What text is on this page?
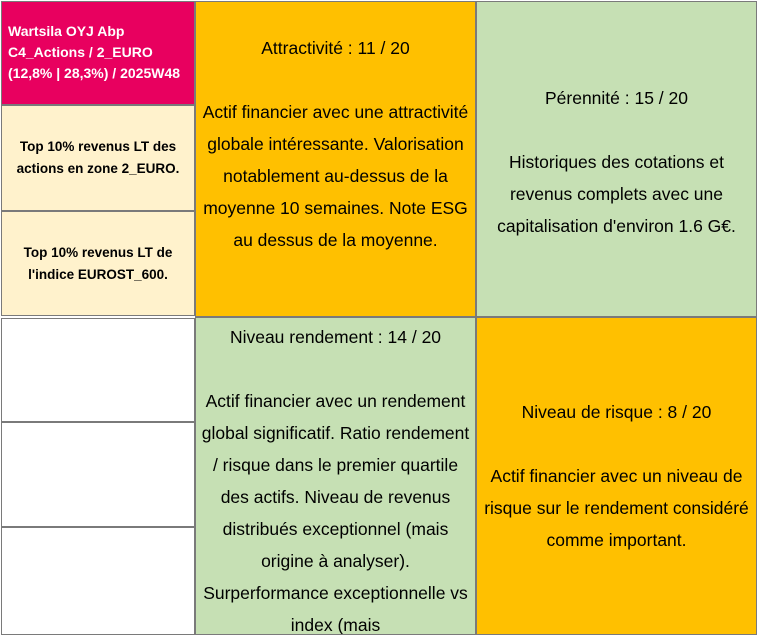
Wartsila OYJ Abp
C4_Actions / 2_EURO
(12,8% | 28,3%) / 2025W48
Top 10% revenus LT des actions en zone 2_EURO.
Top 10% revenus LT de l'indice EUROST_600.
Attractivité : 11 / 20
Actif financier avec une attractivité globale intéressante. Valorisation notablement au-dessus de la moyenne 10 semaines. Note ESG au dessus de la moyenne.
Pérennité : 15 / 20
Historiques des cotations et revenus complets avec une capitalisation d'environ 1.6 G€.
Niveau rendement : 14 / 20
Actif financier avec un rendement global significatif. Ratio rendement / risque dans le premier quartile des actifs. Niveau de revenus distribués exceptionnel (mais origine à analyser). Surperformance exceptionnelle vs index (mais
Niveau de risque : 8 / 20
Actif financier avec un niveau de risque sur le rendement considéré comme important.
